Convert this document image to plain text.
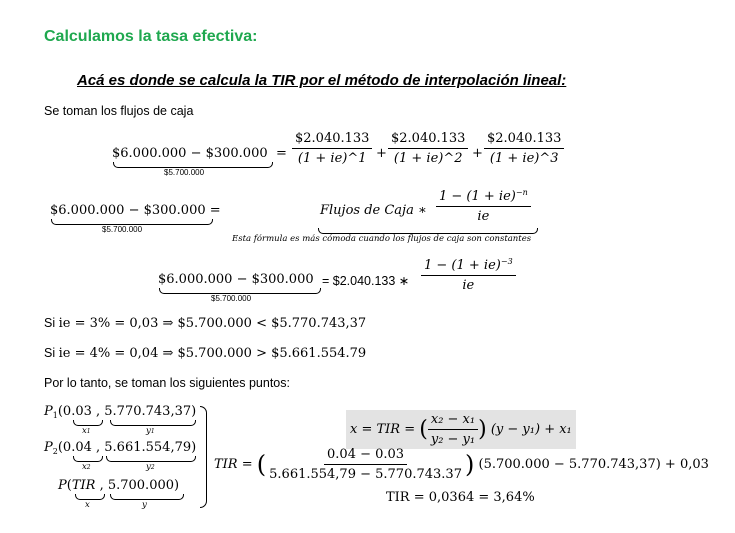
Calculamos la tasa efectiva:
Acá es donde se calcula la TIR por el método de interpolación lineal:
Se toman los flujos de caja
$6.000.000 − $300.000
$5.700.000
= $\frac{\$2.040.133}{(1 + ie)\^{}1} + \frac{\$2.040.133}{(1 + ie)\^{}2} + \frac{\$2.040.133}{(1 + ie)\^{}3}$
$6.000.000 − $300.000 =
$5.700.000
Flujos de Caja ∗ $\frac{1 - (1 + ie)^{-n}}{ie}$
Esta fórmula es más cómoda cuando los flujos de caja son constantes
$6.000.000 − $300.000
$5.700.000
= $2.040.133 ∗ $\frac{1 - (1 + ie)^{-3}}{ie}$
Si ie = 3% = 0,03 ⇒ $5.700.000 < $5.770.743,37
Si ie = 4% = 0,04 ⇒ $5.700.000 > $5.661.554.79
Por lo tanto, se toman los siguientes puntos:
$P_1(0.03$ , 5.770.743,37)
x1	y1
$P_2(0.04$ , 5.661.554,79)
x2	y2
P(TIR , 5.700.000)
x	y
x = TIR = ( $\frac{\text{x₂ − x₁}}{\text{y₂ − y₁}}$ ) (y − y₁) + x₁
TIR = ( $\frac{0.04 - 0.03}{5.661.554,79 - 5.770.743.37}$ ) (5.700.000 − 5.770.743,37) + 0,03
TIR = 0,0364 = 3,64%
